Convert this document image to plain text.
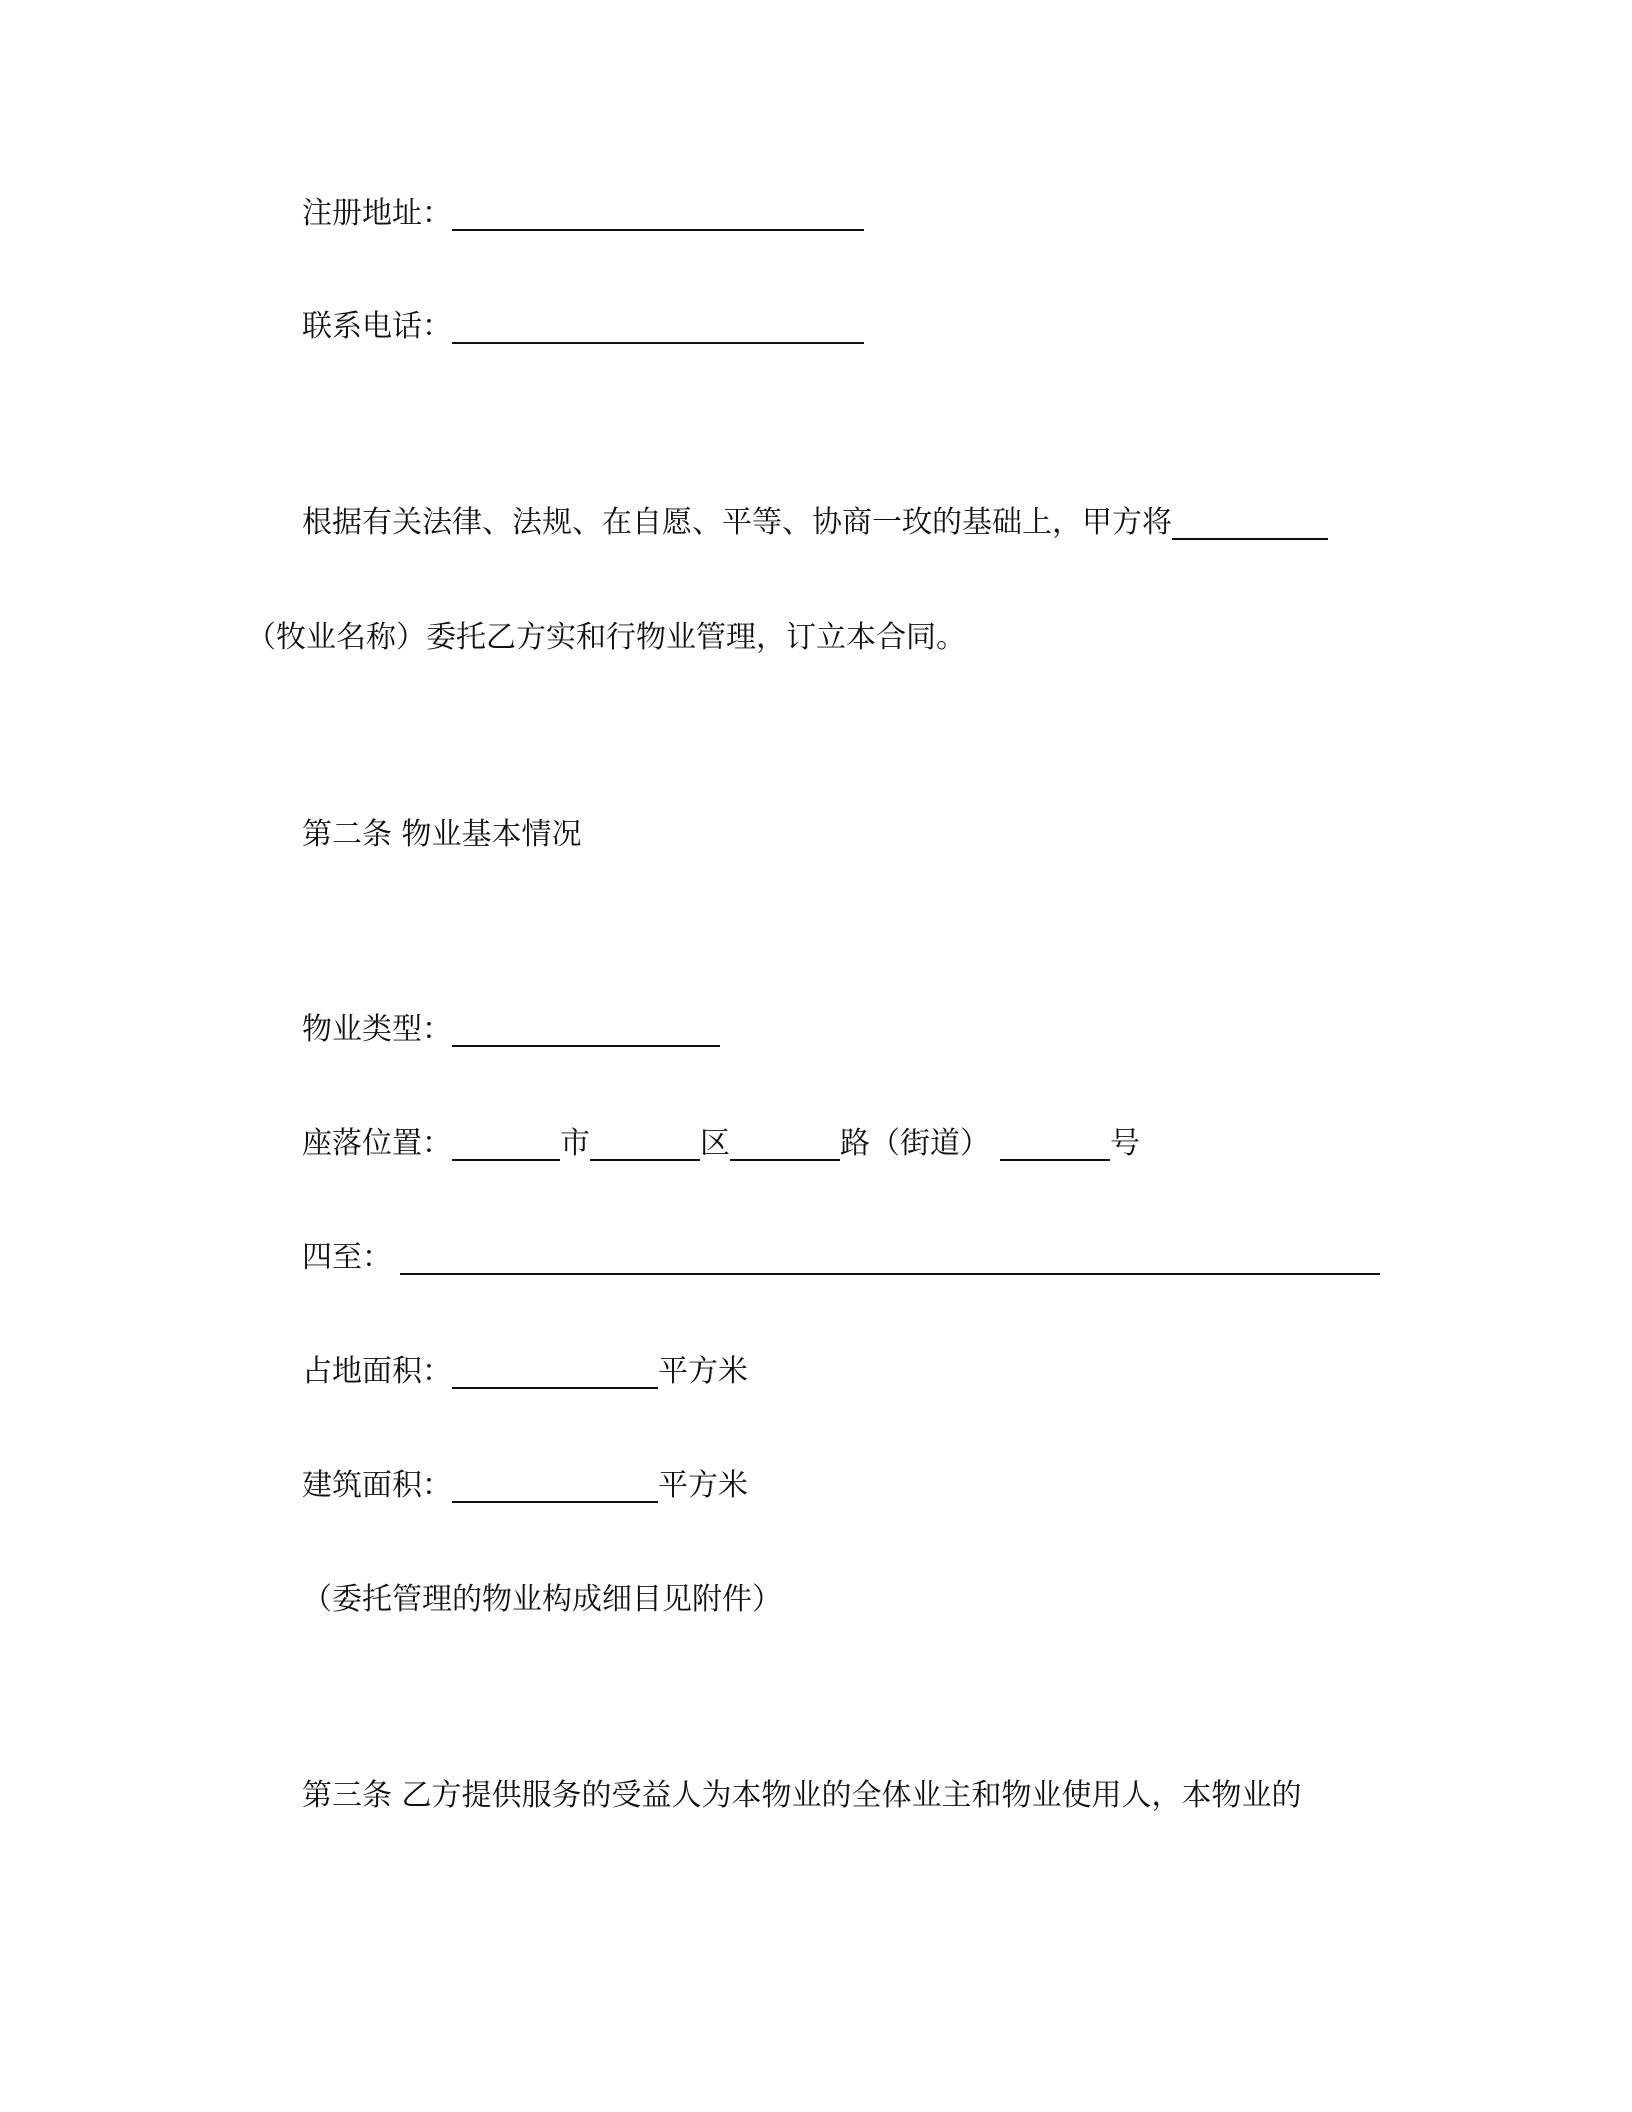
注册地址：
联系电话：
根据有关法律、法规、在自愿、平等、协商一玫的基础上，甲方将
（牧业名称）委托乙方实和行物业管理，订立本合同。
第二条 物业基本情况
物业类型：
座落位置：	市	区	路（街道）	号
四至：
占地面积：	平方米
建筑面积：	平方米
（委托管理的物业构成细目见附件）
第三条 乙方提供服务的受益人为本物业的全体业主和物业使用人，本物业的
